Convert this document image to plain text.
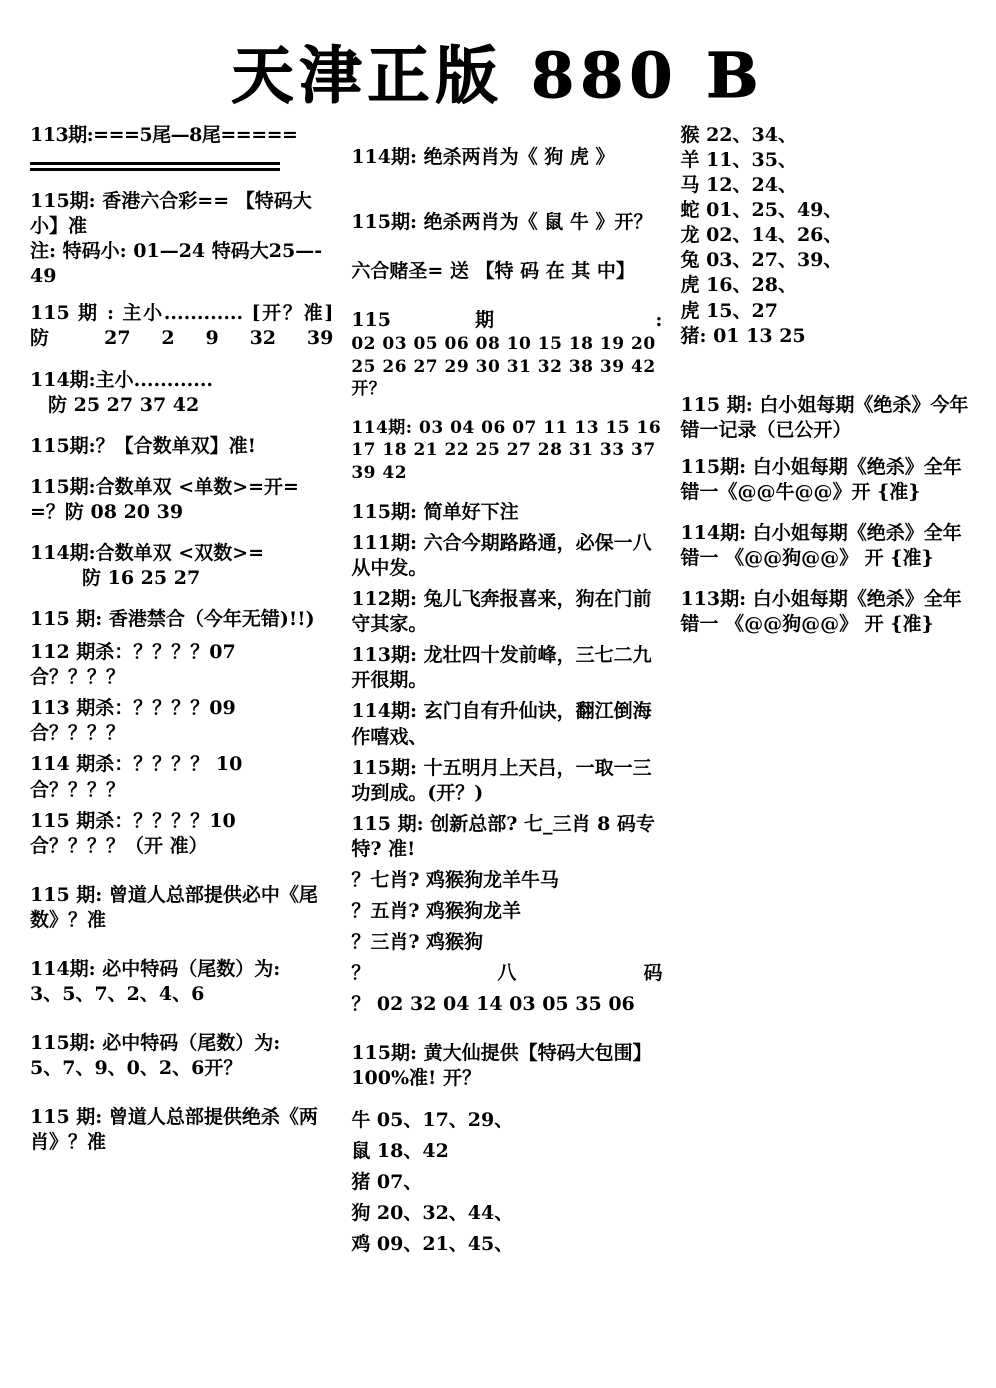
天津正版 880 B
113期:===5尾—8尾=====
115期: 香港六合彩== 【特码大小】准
注: 特码小: 01—24 特码大25—-49
115 期 : 主小............ [开？准]防 27 2 9 32 39
114期:主小............
防 25 27 37 42
115期:？【合数单双】准!
115期:合数单双 <单数>=开==？防 08 20 39
114期:合数单双 <双数>=
防 16 25 27
115 期: 香港禁合（今年无错)!!)
112 期杀：？？？？07 合？？？？
113 期杀：？？？？09 合？？？？
114 期杀：？？？？ 10 合？？？？
115 期杀：？？？？10 合？？？？（开 准）
115 期: 曾道人总部提供必中《尾数》？准
114期: 必中特码（尾数）为:
3、5、7、2、4、6
115期: 必中特码（尾数）为:
5、7、9、0、2、6开？
115 期: 曾道人总部提供绝杀《两肖》？准
114期: 绝杀两肖为《 狗 虎 》
115期: 绝杀两肖为《 鼠 牛 》开？
六合赌圣= 送 【特 码 在 其 中】
115 期 :
02 03 05 06 08 10 15 18 19 20 25 26 27 29 30 31 32 38 39 42 开？
114期: 03 04 06 07 11 13 15 16 17 18 21 22 25 27 28 31 33 37 39 42
115期: 简单好下注
111期: 六合今期路路通，必保一八从中发。
112期: 兔儿飞奔报喜来，狗在门前守其家。
113期: 龙壮四十发前峰，三七二九开很期。
114期: 玄门自有升仙诀，翻江倒海作嘻戏、
115期: 十五明月上天吕，一取一三功到成。(开？)
115 期: 创新总部? 七_三肖 8 码专特? 准!
？七肖? 鸡猴狗龙羊牛马
？五肖? 鸡猴狗龙羊
？三肖? 鸡猴狗
？ 八 码
？ 02 32 04 14 03 05 35 06
115期: 黄大仙提供【特码大包围】100%准! 开？
牛 05、17、29、
鼠 18、42
猪 07、
狗 20、32、44、
鸡 09、21、45、
猴 22、34、
羊 11、35、
马 12、24、
蛇 01、25、49、
龙 02、14、26、
兔 03、27、39、
虎 16、28、
虎 15、27
猪: 01 13 25
115 期: 白小姐每期《绝杀》今年错一记录（已公开）
115期: 白小姐每期《绝杀》全年错一《@@牛@@》开 {准}
114期: 白小姐每期《绝杀》全年错一 《@@狗@@》 开 {准}
113期: 白小姐每期《绝杀》全年错一 《@@狗@@》 开 {准}
